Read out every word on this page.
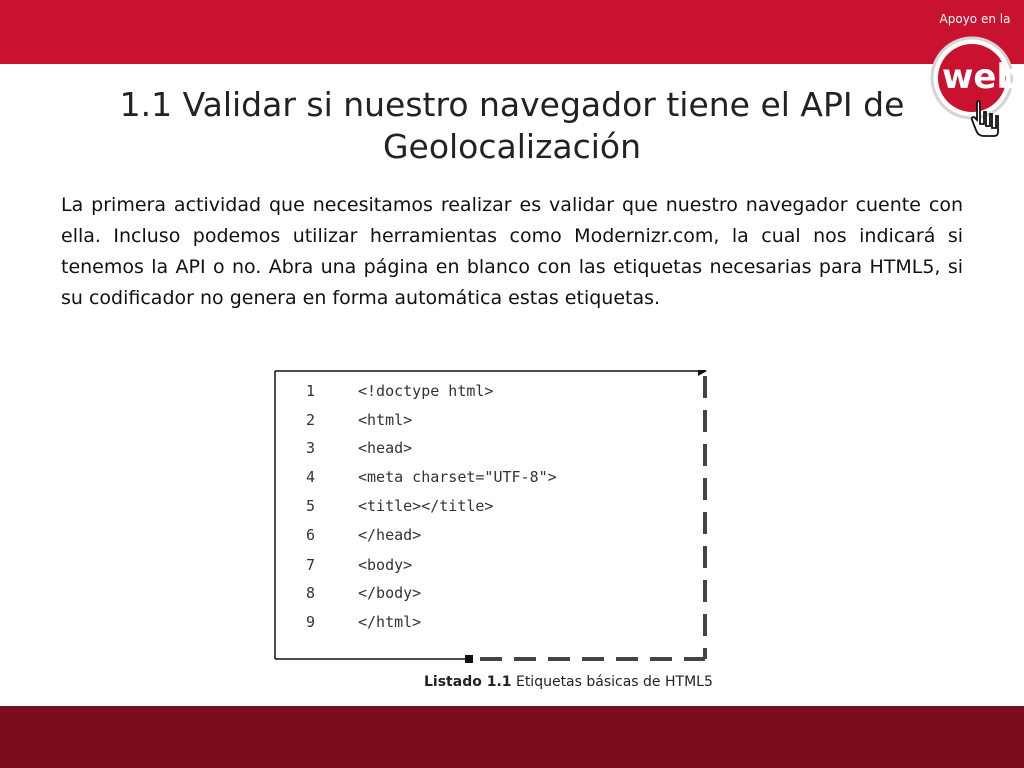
Apoyo en la
web
1.1 Validar si nuestro navegador tiene el API de Geolocalización
La primera actividad que necesitamos realizar es validar que nuestro navegador cuente con ella. Incluso podemos utilizar herramientas como Modernizr.com, la cual nos indicará si tenemos la API o no. Abra una página en blanco con las etiquetas necesarias para HTML5, si su codificador no genera en forma automática estas etiquetas.
1	<!doctype html>
2	<html>
3	<head>
4	<meta charset="UTF-8">
5	<title></title>
6	</head>
7	<body>
8	</body>
9	</html>
Listado 1.1 Etiquetas básicas de HTML5
